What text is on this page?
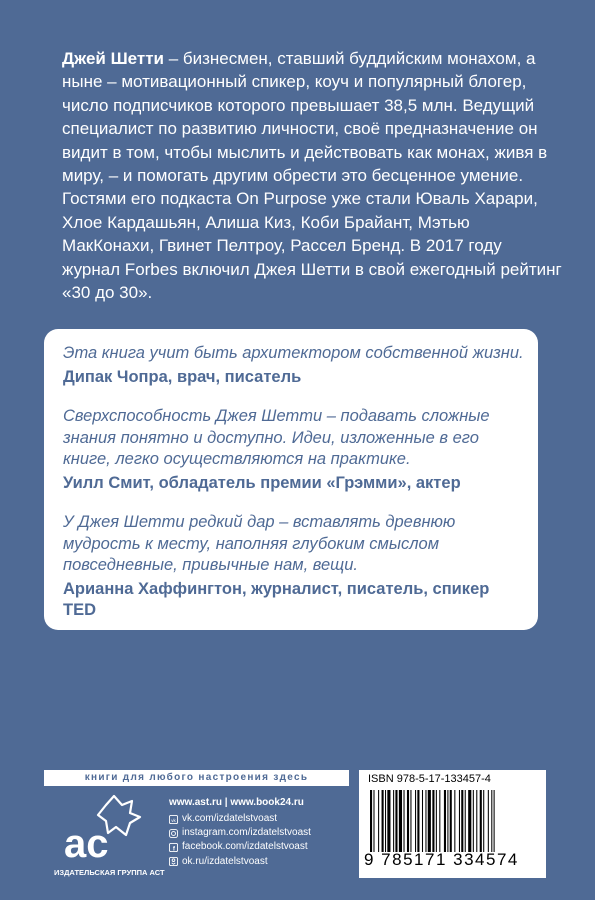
Джей Шетти – бизнесмен, ставший буддийским монахом, а ныне – мотивационный спикер, коуч и популярный блогер, число подписчиков которого превышает 38,5 млн. Ведущий специалист по развитию личности, своё предназначение он видит в том, чтобы мыслить и действовать как монах, живя в миру, – и помогать другим обрести это бесценное умение. Гостями его подкаста On Purpose уже стали Юваль Харари, Хлое Кардашьян, Алиша Киз, Коби Брайант, Мэтью МакКонахи, Гвинет Пелтроу, Рассел Бренд. В 2017 году журнал Forbes включил Джея Шетти в свой ежегодный рейтинг «30 до 30».

Эта книга учит быть архитектором собственной жизни.

Дипак Чопра, врач, писатель

Сверхспособность Джея Шетти – подавать сложные знания понятно и доступно. Идеи, изложенные в его книге, легко осуществляются на практике.

Уилл Смит, обладатель премии «Грэмми», актер

У Джея Шетти редкий дар – вставлять древнюю мудрость к месту, наполняя глубоким смыслом повседневные, привычные нам, вещи.

Арианна Хаффингтон, журналист, писатель, спикер TED

книги для любого настроения здесь
ас
ИЗДАТЕЛЬСКАЯ ГРУППА АСТ
www.ast.ru | www.book24.ru
vk vk.com/izdatelstvoast
instagram.com/izdatelstvoast
f facebook.com/izdatelstvoast
ok.ru/izdatelstvoast
ISBN 978-5-17-133457-4
9 785171 334574
